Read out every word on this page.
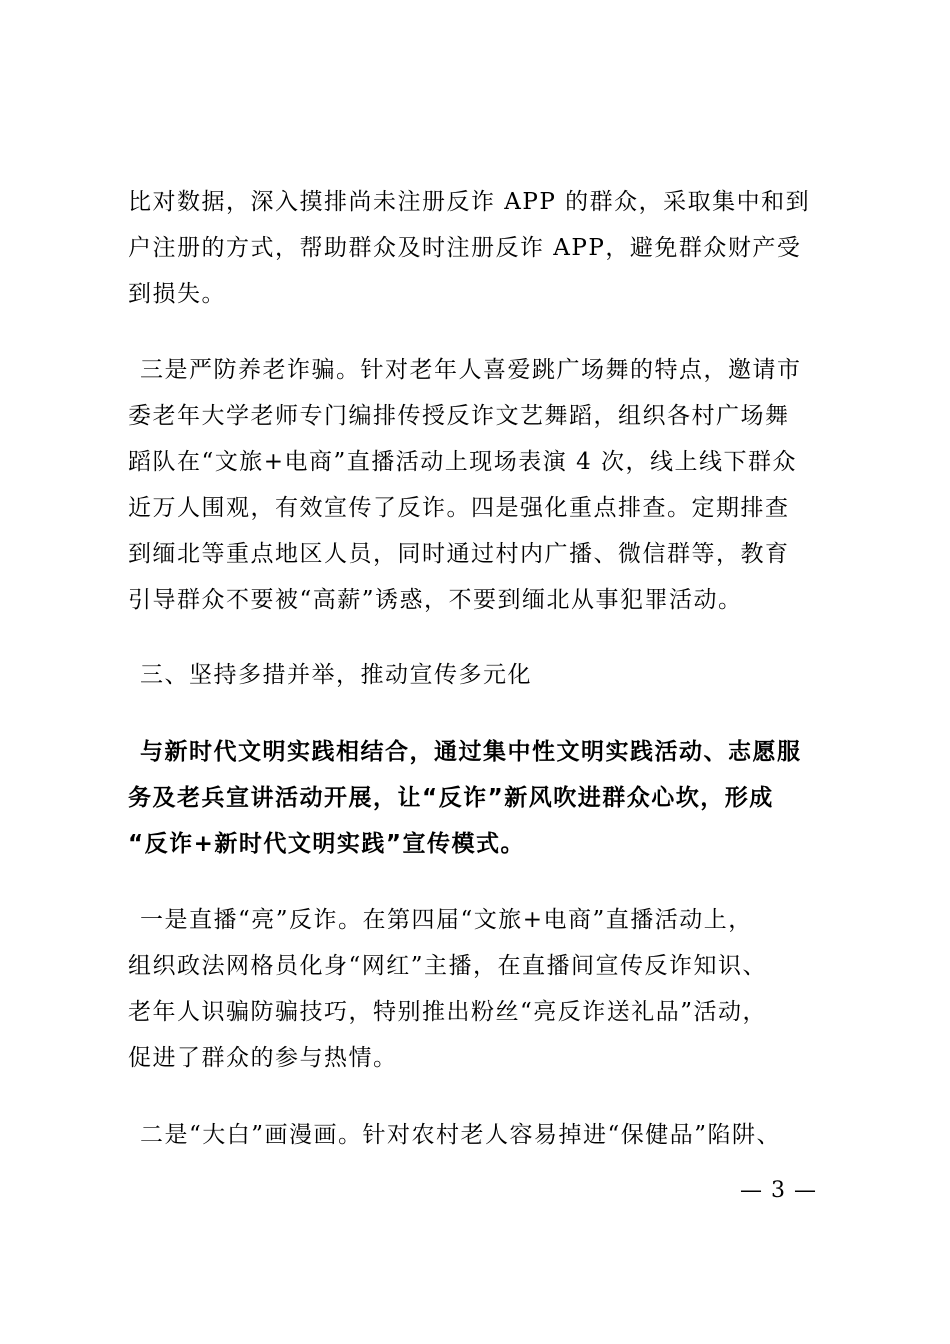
比对数据，深入摸排尚未注册反诈 APP 的群众，采取集中和到
户注册的方式，帮助群众及时注册反诈 APP，避免群众财产受
到损失。
三是严防养老诈骗。针对老年人喜爱跳广场舞的特点，邀请市
委老年大学老师专门编排传授反诈文艺舞蹈，组织各村广场舞
蹈队在“文旅+电商”直播活动上现场表演 4 次，线上线下群众
近万人围观，有效宣传了反诈。四是强化重点排查。定期排查
到缅北等重点地区人员，同时通过村内广播、微信群等，教育
引导群众不要被“高薪”诱惑，不要到缅北从事犯罪活动。
三、坚持多措并举，推动宣传多元化
与新时代文明实践相结合，通过集中性文明实践活动、志愿服
务及老兵宣讲活动开展，让“反诈”新风吹进群众心坎，形成
“反诈+新时代文明实践”宣传模式。
一是直播“亮”反诈。在第四届“文旅+电商”直播活动上，
组织政法网格员化身“网红”主播，在直播间宣传反诈知识、
老年人识骗防骗技巧，特别推出粉丝“亮反诈送礼品”活动，
促进了群众的参与热情。
二是“大白”画漫画。针对农村老人容易掉进“保健品”陷阱、
— 3 —
